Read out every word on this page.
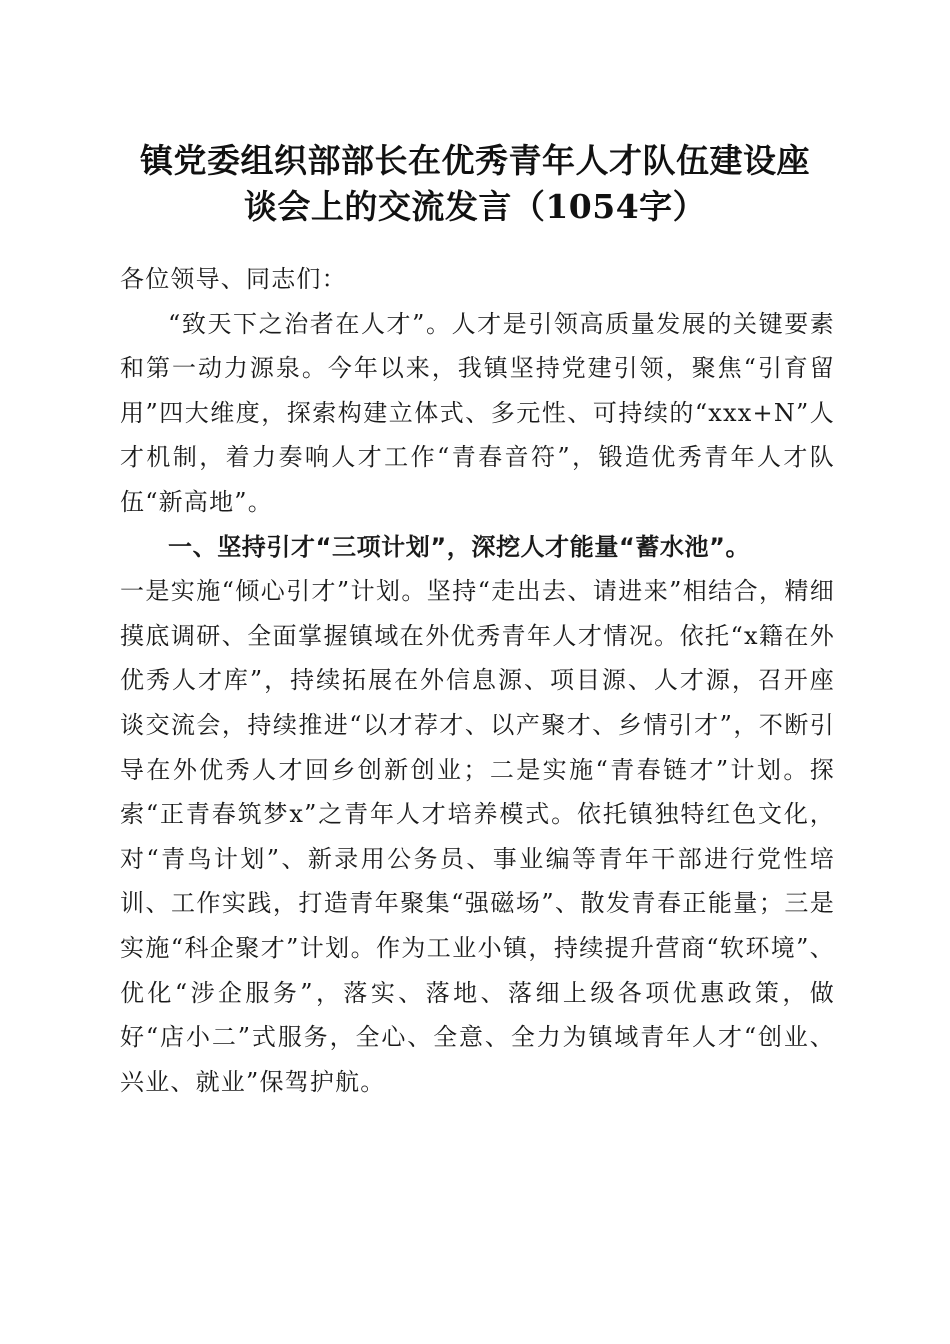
镇党委组织部部长在优秀青年人才队伍建设座
谈会上的交流发言（1054字）

各位领导、同志们：

“致天下之治者在人才”。人才是引领高质量发展的关键要素和第一动力源泉。今年以来，我镇坚持党建引领，聚焦“引育留用”四大维度，探索构建立体式、多元性、可持续的“xxx+N”人才机制，着力奏响人才工作“青春音符”，锻造优秀青年人才队伍“新高地”。

一、坚持引才“三项计划”，深挖人才能量“蓄水池”。

一是实施“倾心引才”计划。坚持“走出去、请进来”相结合，精细摸底调研、全面掌握镇域在外优秀青年人才情况。依托“x籍在外优秀人才库”，持续拓展在外信息源、项目源、人才源，召开座谈交流会，持续推进“以才荐才、以产聚才、乡情引才”，不断引导在外优秀人才回乡创新创业；二是实施“青春链才”计划。探索“正青春筑梦x”之青年人才培养模式。依托镇独特红色文化，对“青鸟计划”、新录用公务员、事业编等青年干部进行党性培训、工作实践，打造青年聚集“强磁场”、散发青春正能量；三是实施“科企聚才”计划。作为工业小镇，持续提升营商“软环境”、优化“涉企服务”，落实、落地、落细上级各项优惠政策，做好“店小二”式服务，全心、全意、全力为镇域青年人才“创业、兴业、就业”保驾护航。
